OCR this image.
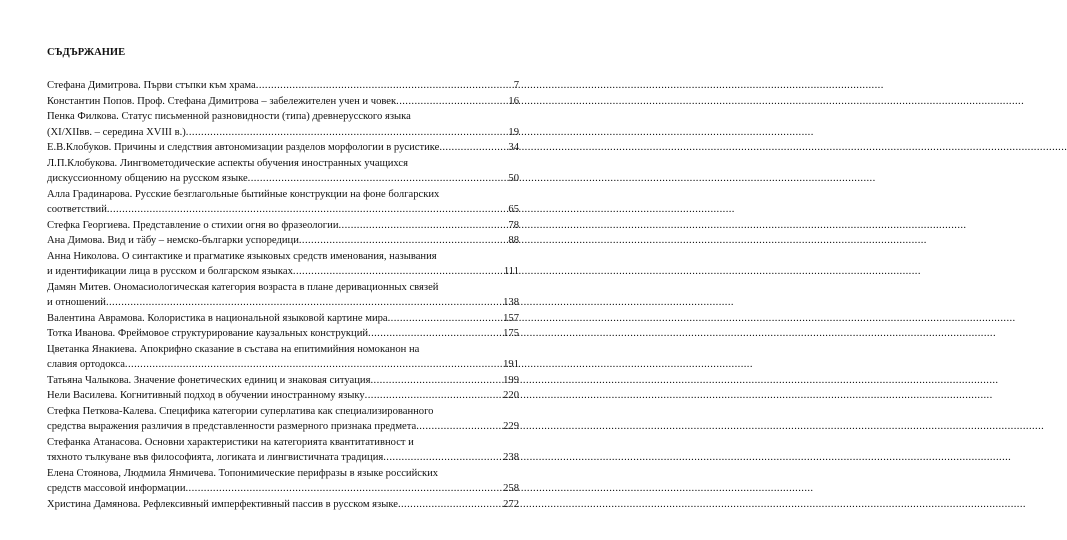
СЪДЪРЖАНИЕ
Стефана Димитрова. Първи стъпки към храма .....	7
Константин Попов. Проф. Стефана Димитрова – забележителен учен и човек .....	16
Пенка Филкова. Статус письменной разновидности (типа) древнерусского языка
(XI/XIIвв. – середина XVIII в.) .....	19
Е.В.Клобуков. Причины и следствия автономизации разделов морфологии в русистике .....	34
Л.П.Клобукова. Лингвометодические аспекты обучения иностранных учащихся
дискуссионному общению на русском языке .....	50
Алла Градинарова. Русские безглагольные бытийные конструкции на фоне болгарских
соответствий .....	65
Стефка Георгиева. Представление о стихии огня во фразеологии .....	78
Ана Димова. Вид и тäбу – немско-българки успоредици .....	88
Анна Николова. О синтактике и прагматике языковых средств именования, называния
и идентификации лица в русском и болгарском языках .....	111
Дамян Митев. Ономасиологическая категория возраста в плане деривационных связей
и отношений .....	138
Валентина Аврамова. Колористика в национальной языковой картине мира .....	157
Тотка Иванова. Фреймовое структурирование каузальных конструкций .....	175
Цветанка Янакиева. Апокрифно сказание в състава на епитимийния номоканон на
славия ортодокса .....	191
Татьяна Чалыкова. Значение фонетических единиц и знаковая ситуация .....	199
Нели Василева. Когнитивный подход в обучении иностранному языку .....	220
Стефка Петкова-Калева. Специфика категории суперлатива как специализированного
средства выражения различия в представленности размерного признака предмета .....	229
Стефанка Атанасова. Основни характеристики на категорията квантитативност и
тяхното тълкуване във философията, логиката и лингвистичната традиция .....	238
Елена Стоянова, Людмила Янмичева. Топонимические перифразы в языке российских
средств массовой информации .....	258
Христина Дамянова. Рефлексивный имперфективный пассив в русском языке .....	272
